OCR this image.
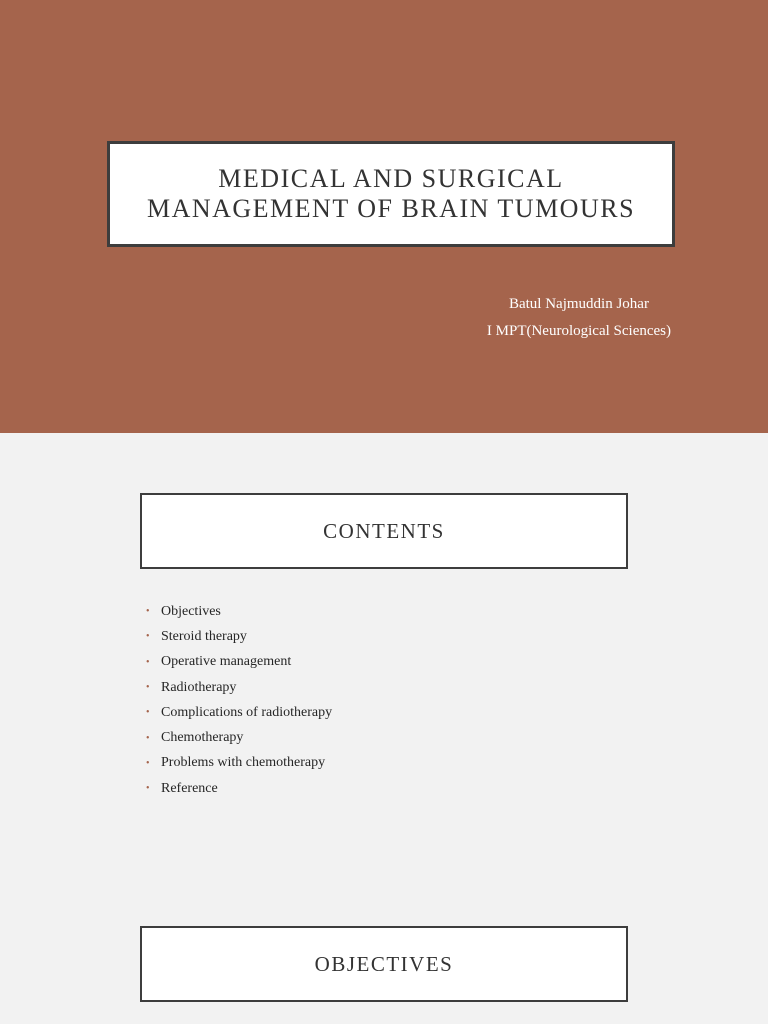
MEDICAL AND SURGICAL
MANAGEMENT OF BRAIN TUMOURS
Batul Najmuddin Johar
I MPT(Neurological Sciences)
CONTENTS
• Objectives
• Steroid therapy
• Operative management
• Radiotherapy
• Complications of radiotherapy
• Chemotherapy
• Problems with chemotherapy
• Reference
OBJECTIVES
